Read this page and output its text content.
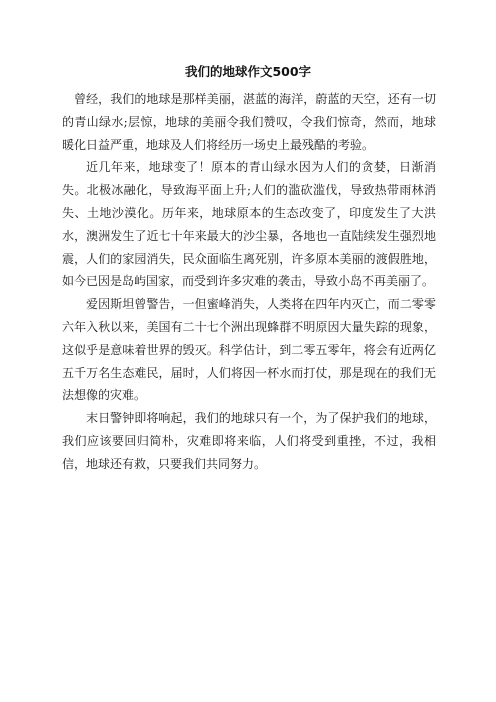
我们的地球作文500字

曾经，我们的地球是那样美丽，湛蓝的海洋，蔚蓝的天空，还有一切的青山绿水;层惊，地球的美丽令我们赞叹，令我们惊奇，然而，地球暖化日益严重，地球及人们将经历一场史上最残酷的考验。

近几年来，地球变了！原本的青山绿水因为人们的贪婪，日渐消失。北极冰融化，导致海平面上升;人们的滥砍滥伐，导致热带雨林消失、土地沙漠化。历年来，地球原本的生态改变了，印度发生了大洪水，澳洲发生了近七十年来最大的沙尘暴，各地也一直陆续发生强烈地震，人们的家园消失，民众面临生离死别，许多原本美丽的渡假胜地，如今已因是岛屿国家，而受到许多灾难的袭击，导致小岛不再美丽了。

爱因斯坦曾警告，一但蜜峰消失，人类将在四年内灭亡，而二零零六年入秋以来，美国有二十七个洲出现蜂群不明原因大量失踪的现象，这似乎是意味着世界的毁灭。科学估计，到二零五零年，将会有近两亿五千万名生态难民，届时，人们将因一杯水而打仗，那是现在的我们无法想像的灾难。

末日警钟即将响起，我们的地球只有一个，为了保护我们的地球，我们应该要回归简朴，灾难即将来临，人们将受到重挫，不过，我相信，地球还有救，只要我们共同努力。
